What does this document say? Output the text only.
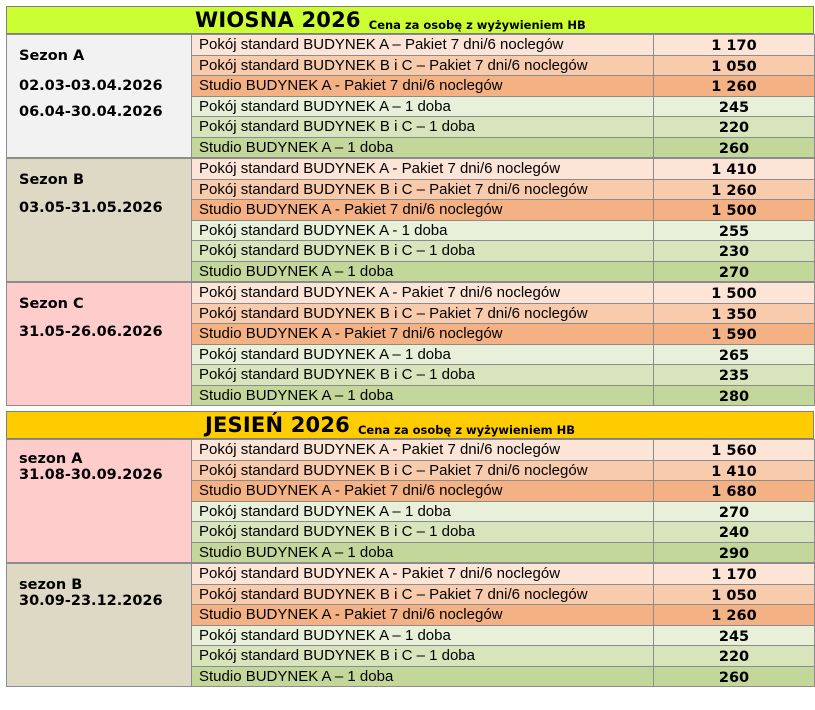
WIOSNA 2026 Cena za osobę z wyżywieniem HB
Sezon A
02.03-03.04.2026
06.04-30.04.2026	Pokój standard BUDYNEK A – Pakiet 7 dni/6 noclegów	1 170
	Pokój standard BUDYNEK B i C – Pakiet 7 dni/6 noclegów	1 050
	Studio BUDYNEK A - Pakiet 7 dni/6 noclegów	1 260
	Pokój standard BUDYNEK A – 1 doba	245
	Pokój standard BUDYNEK B i C – 1 doba	220
	Studio BUDYNEK A – 1 doba	260
Sezon B
03.05-31.05.2026	Pokój standard BUDYNEK A - Pakiet 7 dni/6 noclegów	1 410
	Pokój standard BUDYNEK B i C – Pakiet 7 dni/6 noclegów	1 260
	Studio BUDYNEK A - Pakiet 7 dni/6 noclegów	1 500
	Pokój standard BUDYNEK A - 1 doba	255
	Pokój standard BUDYNEK B i C – 1 doba	230
	Studio BUDYNEK A – 1 doba	270
Sezon C
31.05-26.06.2026	Pokój standard BUDYNEK A - Pakiet 7 dni/6 noclegów	1 500
	Pokój standard BUDYNEK B i C – Pakiet 7 dni/6 noclegów	1 350
	Studio BUDYNEK A - Pakiet 7 dni/6 noclegów	1 590
	Pokój standard BUDYNEK A – 1 doba	265
	Pokój standard BUDYNEK B i C – 1 doba	235
	Studio BUDYNEK A – 1 doba	280
JESIEŃ 2026 Cena za osobę z wyżywieniem HB
sezon A
31.08-30.09.2026	Pokój standard BUDYNEK A - Pakiet 7 dni/6 noclegów	1 560
	Pokój standard BUDYNEK B i C – Pakiet 7 dni/6 noclegów	1 410
	Studio BUDYNEK A - Pakiet 7 dni/6 noclegów	1 680
	Pokój standard BUDYNEK A – 1 doba	270
	Pokój standard BUDYNEK B i C – 1 doba	240
	Studio BUDYNEK A – 1 doba	290
sezon B
30.09-23.12.2026	Pokój standard BUDYNEK A - Pakiet 7 dni/6 noclegów	1 170
	Pokój standard BUDYNEK B i C – Pakiet 7 dni/6 noclegów	1 050
	Studio BUDYNEK A - Pakiet 7 dni/6 noclegów	1 260
	Pokój standard BUDYNEK A – 1 doba	245
	Pokój standard BUDYNEK B i C – 1 doba	220
	Studio BUDYNEK A – 1 doba	260
